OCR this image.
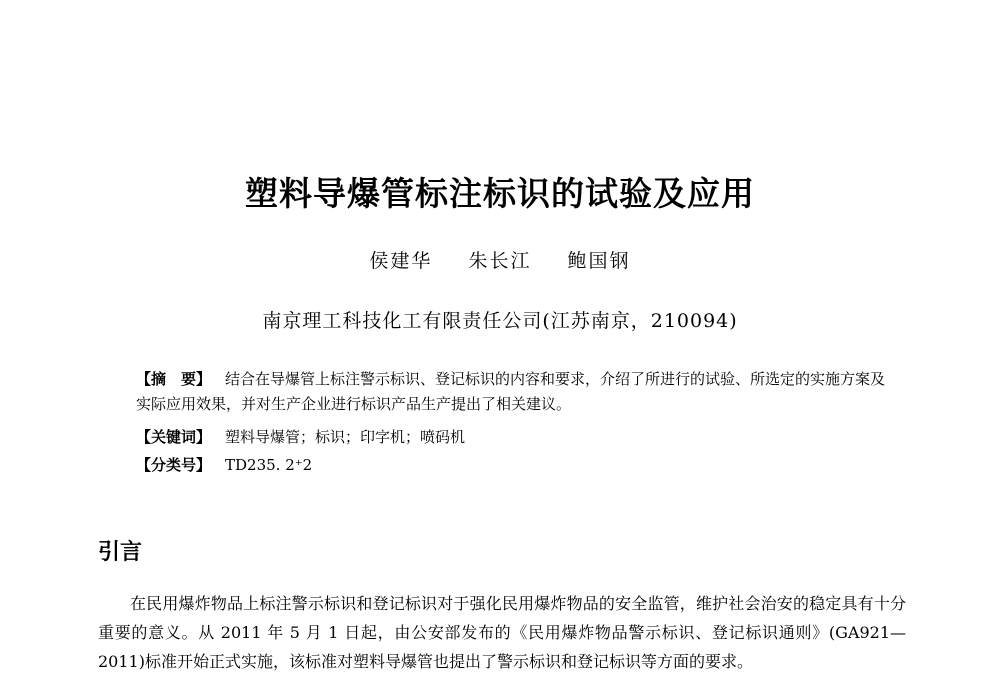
塑料导爆管标注标识的试验及应用
侯建华 朱长江 鲍国钢
南京理工科技化工有限责任公司(江苏南京，210094)
【摘　要】 结合在导爆管上标注警示标识、登记标识的内容和要求，介绍了所进行的试验、所选定的实施方案及实际应用效果，并对生产企业进行标识产品生产提出了相关建议。
【关键词】 塑料导爆管；标识；印字机；喷码机
【分类号】 TD235. 2⁺2
引言
在民用爆炸物品上标注警示标识和登记标识对于强化民用爆炸物品的安全监管，维护社会治安的稳定具有十分重要的意义。从 2011 年 5 月 1 日起，由公安部发布的《民用爆炸物品警示标识、登记标识通则》(GA921—2011)标准开始正式实施，该标准对塑料导爆管也提出了警示标识和登记标识等方面的要求。
